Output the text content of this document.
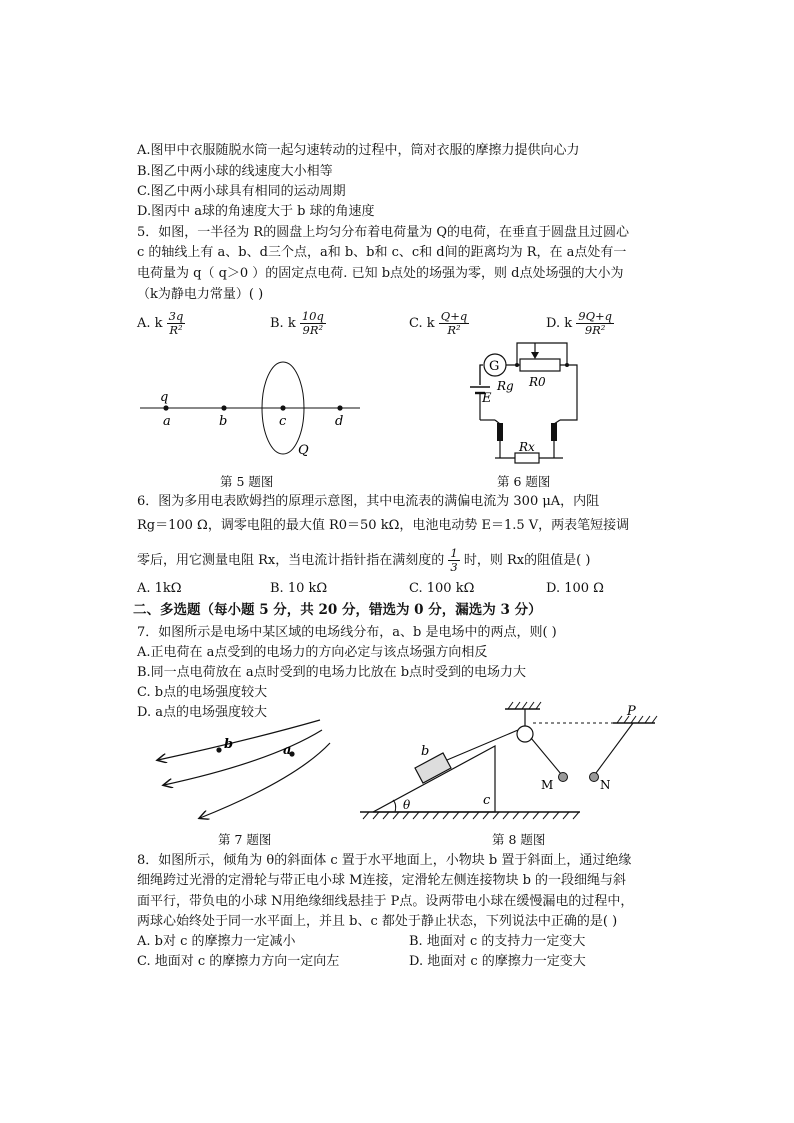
A.图甲中衣服随脱水筒一起匀速转动的过程中，筒对衣服的摩擦力提供向心力
B.图乙中两小球的线速度大小相等
C.图乙中两小球具有相同的运动周期
D.图丙中 a球的角速度大于 b 球的角速度
5．如图，一半径为 R的圆盘上均匀分布着电荷量为 Q的电荷，在垂直于圆盘且过圆心
c 的轴线上有 a、b、d三个点，a和 b、b和 c、c和 d间的距离均为 R，在 a点处有一
电荷量为 q（ q＞0 ）的固定点电荷. 已知 b点处的场强为零，则 d点处场强的大小为
（k为静电力常量）( )
A. k $\frac{3q}{\text{R²}}$	B. k $\frac{10q}{\text{9R²}}$	C. k $\frac{Q+q}{\text{R²}}$	D. k $\frac{9Q+q}{\text{9R²}}$
q
a	b	c	d
Q
第 5 题图
G
Rg R0
E
Rx
第 6 题图
6．图为多用电表欧姆挡的原理示意图，其中电流表的满偏电流为 300 μA，内阻
Rg＝100 Ω，调零电阻的最大值 R0＝50 kΩ，电池电动势 E＝1.5 V，两表笔短接调
零后，用它测量电阻 Rx，当电流计指针指在满刻度的 $\frac{1}{3}$ 时，则 Rx的阻值是( )
A. 1kΩ	B. 10 kΩ	C. 100 kΩ	D. 100 Ω
二、多选题（每小题 5 分，共 20 分，错选为 0 分，漏选为 3 分）
7．如图所示是电场中某区域的电场线分布，a、b 是电场中的两点，则( )
A.正电荷在 a点受到的电场力的方向必定与该点场强方向相反
B.同一点电荷放在 a点时受到的电场力比放在 b点时受到的电场力大
C. b点的电场强度较大
D. a点的电场强度较大
b	a
第 7 题图
P
b
c
θ
M	N
第 8 题图
8．如图所示，倾角为 θ的斜面体 c 置于水平地面上，小物块 b 置于斜面上，通过绝缘
细绳跨过光滑的定滑轮与带正电小球 M连接，定滑轮左侧连接物块 b 的一段细绳与斜
面平行，带负电的小球 N用绝缘细线悬挂于 P点。设两带电小球在缓慢漏电的过程中，
两球心始终处于同一水平面上，并且 b、c 都处于静止状态，下列说法中正确的是( )
A. b对 c 的摩擦力一定减小	B. 地面对 c 的支持力一定变大
C. 地面对 c 的摩擦力方向一定向左	D. 地面对 c 的摩擦力一定变大
